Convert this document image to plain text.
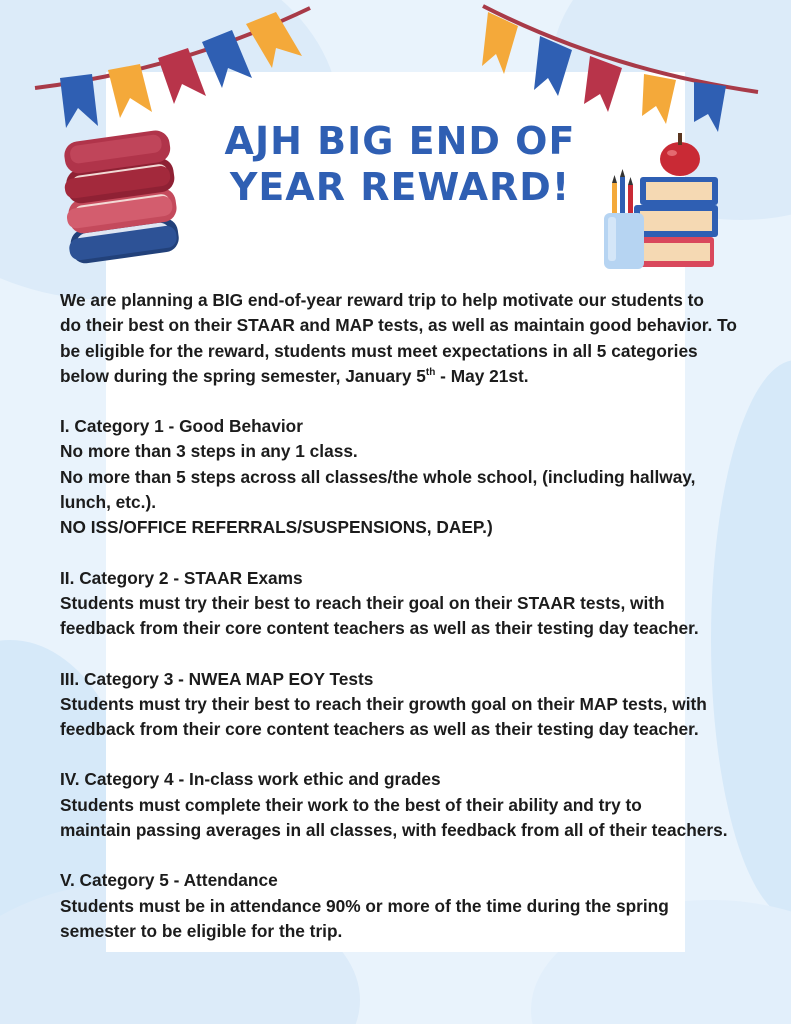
AJH BIG END OF
YEAR REWARD!

We are planning a BIG end-of-year reward trip to help motivate our students to

do their best on their STAAR and MAP tests, as well as maintain good behavior. To

be eligible for the reward, students must meet expectations in all 5 categories

below during the spring semester, January 5th - May 21st.

I. Category 1 - Good Behavior

No more than 3 steps in any 1 class.

No more than 5 steps across all classes/the whole school, (including hallway,

lunch, etc.).

NO ISS/OFFICE REFERRALS/SUSPENSIONS, DAEP.)

II. Category 2 - STAAR Exams

Students must try their best to reach their goal on their STAAR tests, with

feedback from their core content teachers as well as their testing day teacher.

III. Category 3 - NWEA MAP EOY Tests

Students must try their best to reach their growth goal on their MAP tests, with

feedback from their core content teachers as well as their testing day teacher.

IV. Category 4 - In-class work ethic and grades

Students must complete their work to the best of their ability and try to

maintain passing averages in all classes, with feedback from all of their teachers.

V. Category 5 - Attendance

Students must be in attendance 90% or more of the time during the spring

semester to be eligible for the trip.
